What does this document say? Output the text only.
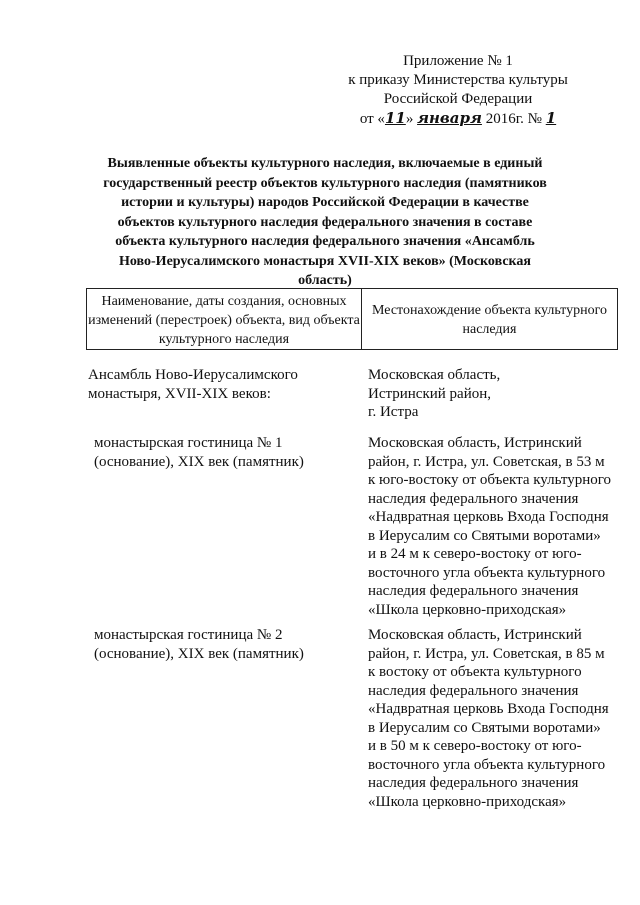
Приложение № 1
к приказу Министерства культуры
Российской Федерации
от «11» января 2016г. № 1
Выявленные объекты культурного наследия, включаемые в единый государственный реестр объектов культурного наследия (памятников истории и культуры) народов Российской Федерации в качестве объектов культурного наследия федерального значения в составе объекта культурного наследия федерального значения «Ансамбль Ново-Иерусалимского монастыря XVII-XIX веков» (Московская область)
Наименование, даты создания, основных изменений (перестроек) объекта, вид объекта культурного наследия
Местонахождение объекта культурного наследия
Ансамбль Ново-Иерусалимского
монастыря, XVII-XIX веков:
Московская область,
Истринский район,
г. Истра
монастырская гостиница № 1
(основание), XIX век (памятник)
Московская область, Истринский
район, г. Истра, ул. Советская, в 53 м
к юго-востоку от объекта культурного
наследия федерального значения
«Надвратная церковь Входа Господня
в Иерусалим со Святыми воротами»
и в 24 м к северо-востоку от юго-
восточного угла объекта культурного
наследия федерального значения
«Школа церковно-приходская»
монастырская гостиница № 2
(основание), XIX век (памятник)
Московская область, Истринский
район, г. Истра, ул. Советская, в 85 м
к востоку от объекта культурного
наследия федерального значения
«Надвратная церковь Входа Господня
в Иерусалим со Святыми воротами»
и в 50 м к северо-востоку от юго-
восточного угла объекта культурного
наследия федерального значения
«Школа церковно-приходская»
